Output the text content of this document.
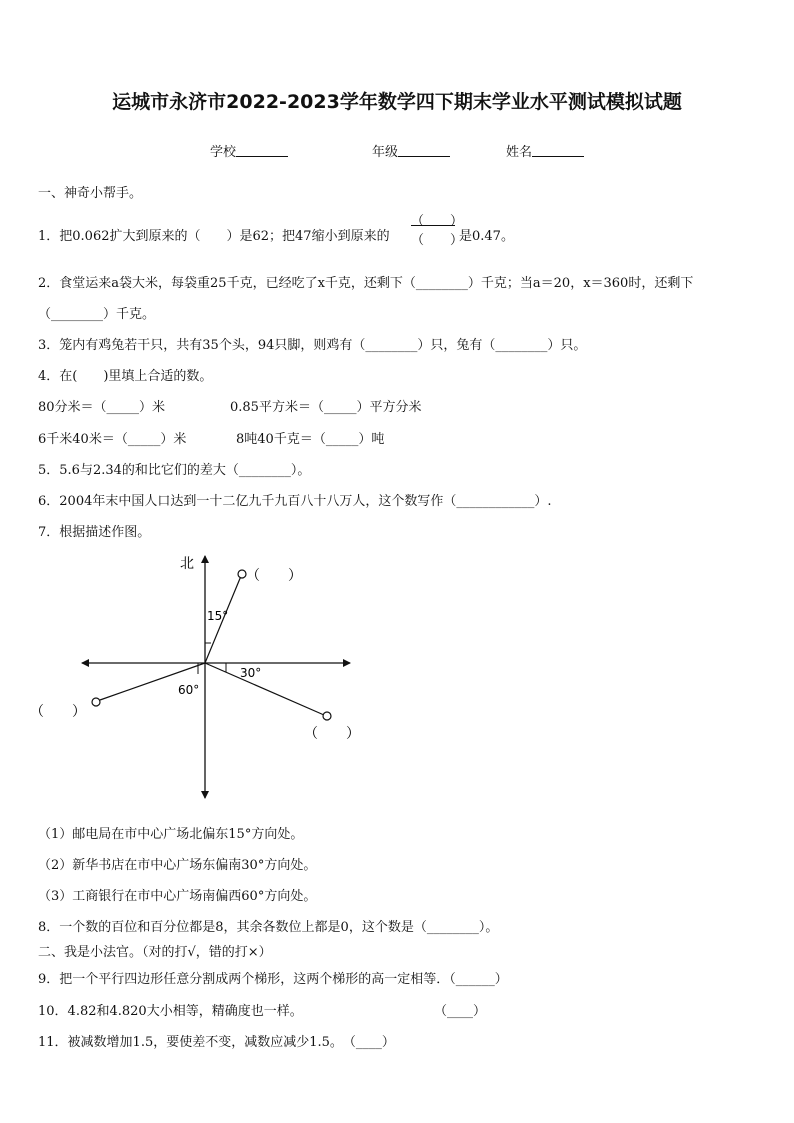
运城市永济市2022-2023学年数学四下期末学业水平测试模拟试题
学校	年级	姓名
一、神奇小帮手。
1．把0.062扩大到原来的（　　）是62；把47缩小到原来的
（　　）
（　　）
是0.47。
2．食堂运来a袋大米，每袋重25千克，已经吃了x千克，还剩下（________）千克；当a＝20，x＝360时，还剩下
（________）千克。
3．笼内有鸡兔若干只，共有35个头，94只脚，则鸡有（________）只，兔有（________）只。
4．在(　　)里填上合适的数。
80分米＝（_____）米	0.85平方米＝（_____）平方分米
6千米40米＝（_____）米	8吨40千克＝（_____）吨
5．5.6与2.34的和比它们的差大（________）。
6．2004年末中国人口达到一十二亿九千九百八十八万人，这个数写作（____________）.
7．根据描述作图。
北
15°
30°
60°
（　　）
（　　）
（　　）
（1）邮电局在市中心广场北偏东15°方向处。
（2）新华书店在市中心广场东偏南30°方向处。
（3）工商银行在市中心广场南偏西60°方向处。
8．一个数的百位和百分位都是8，其余各数位上都是0，这个数是（________）。
二、我是小法官。（对的打√，错的打×）
9．把一个平行四边形任意分割成两个梯形，这两个梯形的高一定相等．（______）
10．4.82和4.820大小相等，精确度也一样。	（____）
11．被减数增加1.5，要使差不变，减数应减少1.5。　（____）
